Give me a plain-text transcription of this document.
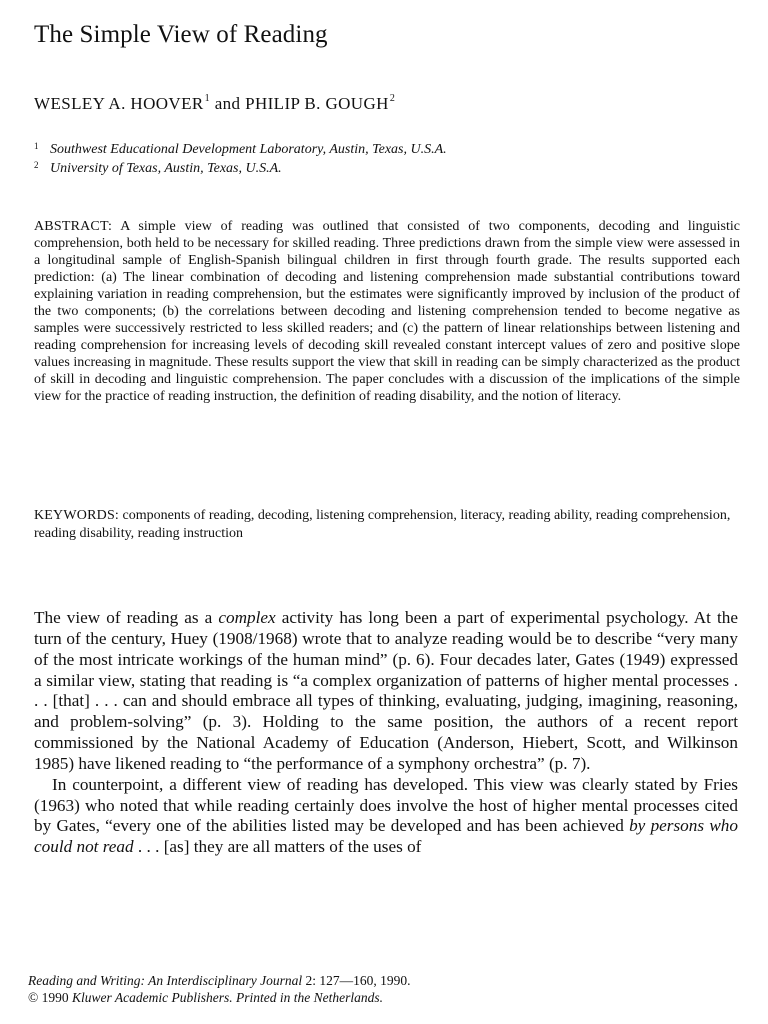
The Simple View of Reading
WESLEY A. HOOVER$^1$ and PHILIP B. GOUGH$^2$
1 Southwest Educational Development Laboratory, Austin, Texas, U.S.A.
2 University of Texas, Austin, Texas, U.S.A.
ABSTRACT: A simple view of reading was outlined that consisted of two components, decoding and linguistic comprehension, both held to be necessary for skilled reading. Three predictions drawn from the simple view were assessed in a longitudinal sample of English-Spanish bilingual children in first through fourth grade. The results supported each prediction: (a) The linear combination of decoding and listening comprehension made substantial contributions toward explaining variation in reading comprehension, but the estimates were significantly improved by inclusion of the product of the two components; (b) the correlations between decoding and listening comprehension tended to become negative as samples were successively restricted to less skilled readers; and (c) the pattern of linear relationships between listening and reading comprehension for increasing levels of decoding skill revealed constant intercept values of zero and positive slope values increasing in magnitude. These results support the view that skill in reading can be simply characterized as the product of skill in decoding and linguistic comprehension. The paper concludes with a discussion of the implications of the simple view for the practice of reading instruction, the definition of reading disability, and the notion of literacy.
KEYWORDS: components of reading, decoding, listening comprehension, literacy, reading ability, reading comprehension, reading disability, reading instruction

The view of reading as a complex activity has long been a part of experimental psychology. At the turn of the century, Huey (1908/1968) wrote that to analyze reading would be to describe “very many of the most intricate workings of the human mind” (p. 6). Four decades later, Gates (1949) expressed a similar view, stating that reading is “a complex organization of patterns of higher mental processes . . . [that] . . . can and should embrace all types of thinking, evaluating, judging, imagining, reasoning, and problem-solving” (p. 3). Holding to the same position, the authors of a recent report commissioned by the National Academy of Education (Anderson, Hiebert, Scott, and Wilkinson 1985) have likened reading to “the performance of a symphony orchestra” (p. 7).

In counterpoint, a different view of reading has developed. This view was clearly stated by Fries (1963) who noted that while reading certainly does involve the host of higher mental processes cited by Gates, “every one of the abilities listed may be developed and has been achieved by persons who could not read . . . [as] they are all matters of the uses of

Reading and Writing: An Interdisciplinary Journal 2: 127—160, 1990.
© 1990 Kluwer Academic Publishers. Printed in the Netherlands.
